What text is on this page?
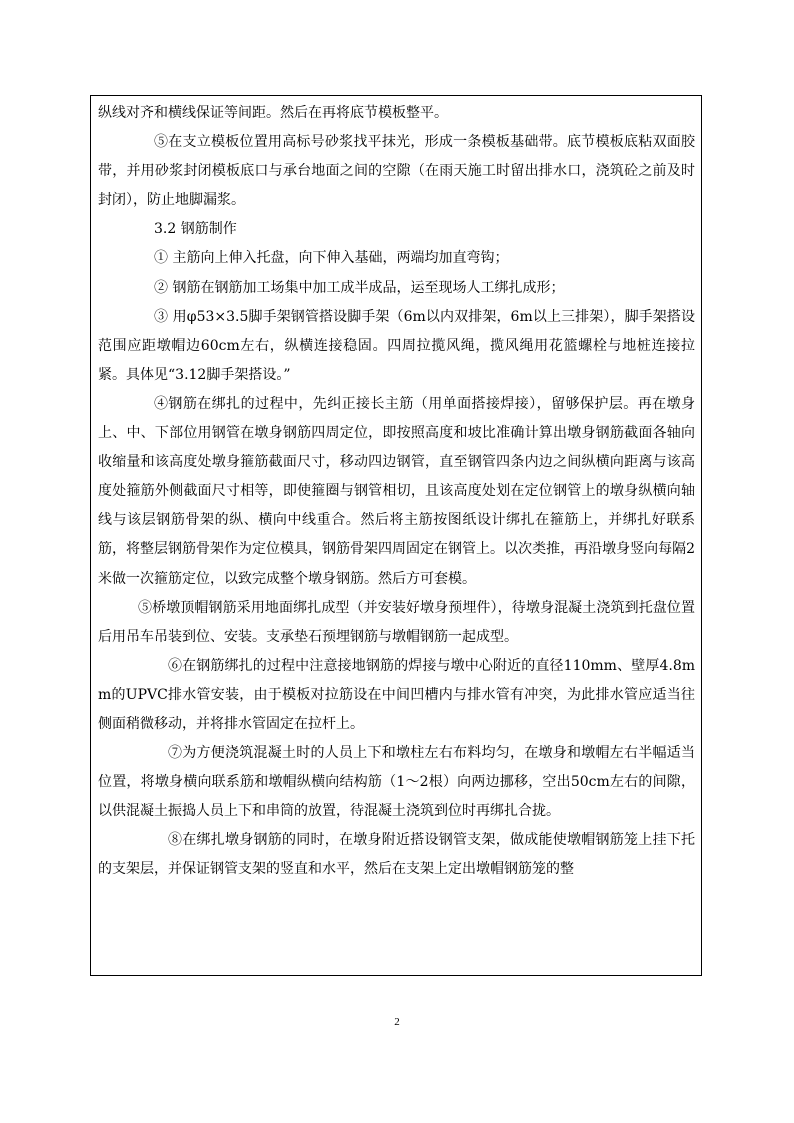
纵线对齐和横线保证等间距。然后在再将底节模板整平。

⑤在支立模板位置用高标号砂浆找平抹光，形成一条模板基础带。底节模板底粘双面胶带，并用砂浆封闭模板底口与承台地面之间的空隙（在雨天施工时留出排水口，浇筑砼之前及时封闭），防止地脚漏浆。

3.2 钢筋制作

① 主筋向上伸入托盘，向下伸入基础，两端均加直弯钩；

② 钢筋在钢筋加工场集中加工成半成品，运至现场人工绑扎成形；

③ 用φ53×3.5脚手架钢管搭设脚手架（6m以内双排架，6m以上三排架），脚手架搭设范围应距墩帽边60cm左右，纵横连接稳固。四周拉揽风绳，揽风绳用花篮螺栓与地桩连接拉紧。具体见“3.12脚手架搭设。”

④钢筋在绑扎的过程中，先纠正接长主筋（用单面搭接焊接），留够保护层。再在墩身上、中、下部位用钢管在墩身钢筋四周定位，即按照高度和坡比准确计算出墩身钢筋截面各轴向收缩量和该高度处墩身箍筋截面尺寸，移动四边钢管，直至钢管四条内边之间纵横向距离与该高度处箍筋外侧截面尺寸相等，即使箍圈与钢管相切，且该高度处划在定位钢管上的墩身纵横向轴线与该层钢筋骨架的纵、横向中线重合。然后将主筋按图纸设计绑扎在箍筋上，并绑扎好联系筋，将整层钢筋骨架作为定位模具，钢筋骨架四周固定在钢管上。以次类推，再沿墩身竖向每隔2米做一次箍筋定位，以致完成整个墩身钢筋。然后方可套模。

⑤桥墩顶帽钢筋采用地面绑扎成型（并安装好墩身预埋件），待墩身混凝土浇筑到托盘位置后用吊车吊装到位、安装。支承垫石预埋钢筋与墩帽钢筋一起成型。

⑥在钢筋绑扎的过程中注意接地钢筋的焊接与墩中心附近的直径110mm、壁厚4.8mm的UPVC排水管安装，由于模板对拉筋设在中间凹槽内与排水管有冲突，为此排水管应适当往侧面稍微移动，并将排水管固定在拉杆上。

⑦为方便浇筑混凝土时的人员上下和墩柱左右布料均匀，在墩身和墩帽左右半幅适当位置，将墩身横向联系筋和墩帽纵横向结构筋（1～2根）向两边挪移，空出50cm左右的间隙，以供混凝土振捣人员上下和串筒的放置，待混凝土浇筑到位时再绑扎合拢。

⑧在绑扎墩身钢筋的同时，在墩身附近搭设钢管支架，做成能使墩帽钢筋笼上挂下托的支架层，并保证钢管支架的竖直和水平，然后在支架上定出墩帽钢筋笼的整

2
